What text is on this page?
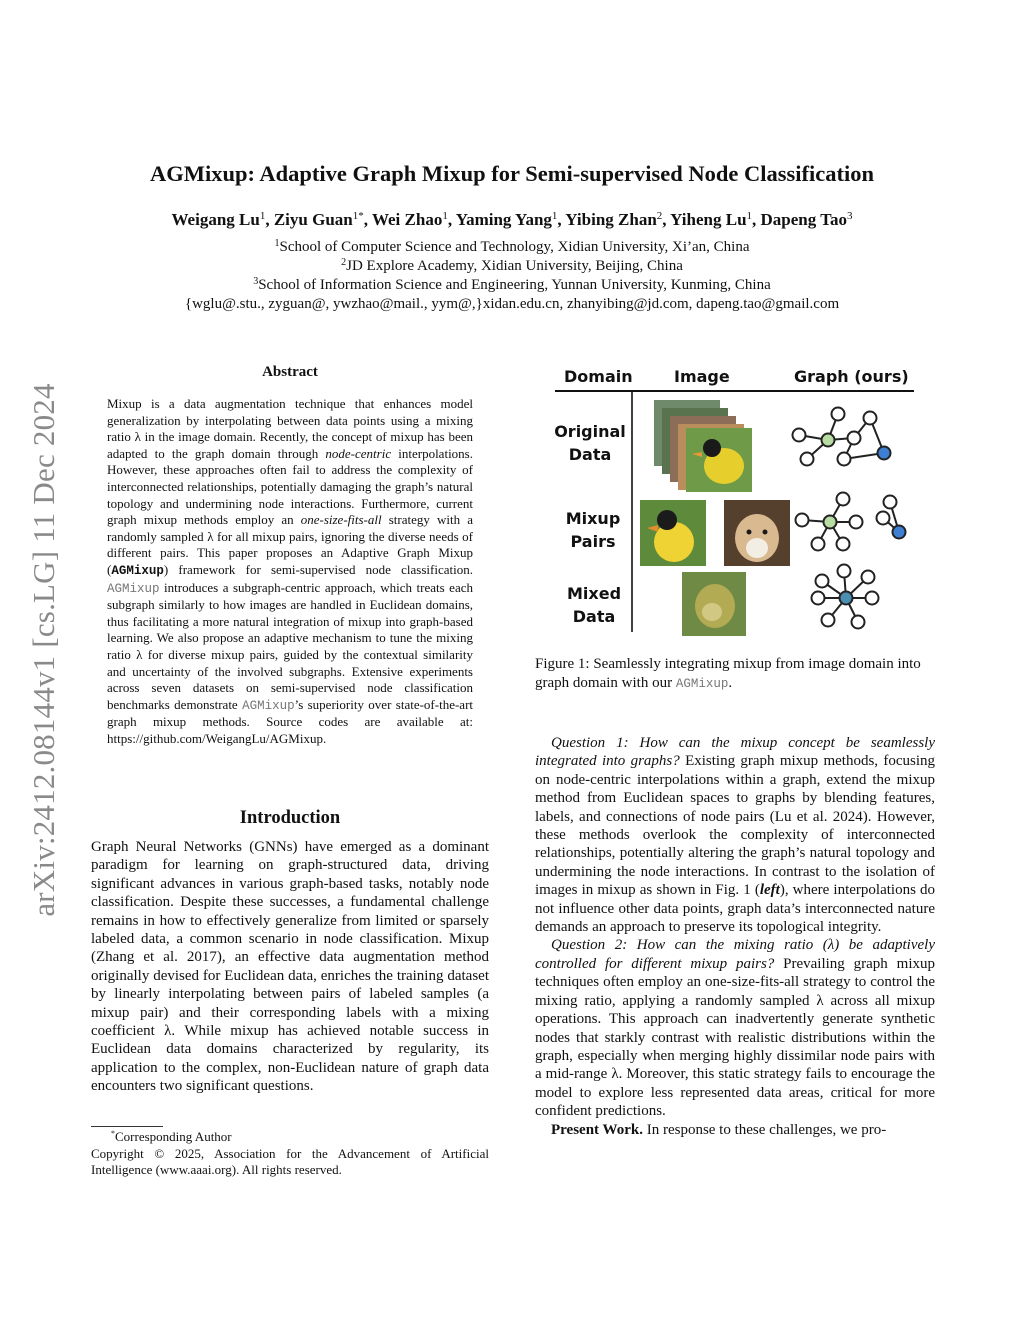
AGMixup: Adaptive Graph Mixup for Semi-supervised Node Classification
Weigang Lu$^1$, Ziyu Guan$^{1*}$, Wei Zhao$^1$, Yaming Yang$^1$, Yibing Zhan$^2$, Yiheng Lu$^1$, Dapeng Tao$^3$
$^1$School of Computer Science and Technology, Xidian University, Xi’an, China
$^2$JD Explore Academy, Xidian University, Beijing, China
$^3$School of Information Science and Engineering, Yunnan University, Kunming, China
{wglu@.stu., zyguan@, ywzhao@mail., yym@,}xidan.edu.cn, zhanyibing@jd.com, dapeng.tao@gmail.com
arXiv:2412.08144v1 [cs.LG] 11 Dec 2024
Abstract
Mixup is a data augmentation technique that enhances model generalization by interpolating between data points using a mixing ratio λ in the image domain. Recently, the concept of mixup has been adapted to the graph domain through node-centric interpolations. However, these approaches often fail to address the complexity of interconnected relationships, potentially damaging the graph’s natural topology and undermining node interactions. Furthermore, current graph mixup methods employ an one-size-fits-all strategy with a randomly sampled λ for all mixup pairs, ignoring the diverse needs of different pairs. This paper proposes an Adaptive Graph Mixup (AGMixup) framework for semi-supervised node classification. AGMixup introduces a subgraph-centric approach, which treats each subgraph similarly to how images are handled in Euclidean domains, thus facilitating a more natural integration of mixup into graph-based learning. We also propose an adaptive mechanism to tune the mixing ratio λ for diverse mixup pairs, guided by the contextual similarity and uncertainty of the involved subgraphs. Extensive experiments across seven datasets on semi-supervised node classification benchmarks demonstrate AGMixup’s superiority over state-of-the-art graph mixup methods. Source codes are available at: https://github.com/WeigangLu/AGMixup.
Introduction
Graph Neural Networks (GNNs) have emerged as a dominant paradigm for learning on graph-structured data, driving significant advances in various graph-based tasks, notably node classification. Despite these successes, a fundamental challenge remains in how to effectively generalize from limited or sparsely labeled data, a common scenario in node classification. Mixup (Zhang et al. 2017), an effective data augmentation method originally devised for Euclidean data, enriches the training dataset by linearly interpolating between pairs of labeled samples (a mixup pair) and their corresponding labels with a mixing coefficient λ. While mixup has achieved notable success in Euclidean data domains characterized by regularity, its application to the complex, non-Euclidean nature of graph data encounters two significant questions.
*Corresponding Author
Copyright © 2025, Association for the Advancement of Artificial Intelligence (www.aaai.org). All rights reserved.
Domain	Image	Graph (ours)
Original
Data
Mixup
Pairs
Mixed
Data
Figure 1: Seamlessly integrating mixup from image domain into graph domain with our AGMixup.

Question 1: How can the mixup concept be seamlessly integrated into graphs? Existing graph mixup methods, focusing on node-centric interpolations within a graph, extend the mixup method from Euclidean spaces to graphs by blending features, labels, and connections of node pairs (Lu et al. 2024). However, these methods overlook the complexity of interconnected relationships, potentially altering the graph’s natural topology and undermining the node interactions. In contrast to the isolation of images in mixup as shown in Fig. 1 (left), where interpolations do not influence other data points, graph data’s interconnected nature demands an approach to preserve its topological integrity.

Question 2: How can the mixing ratio (λ) be adaptively controlled for different mixup pairs? Prevailing graph mixup techniques often employ an one-size-fits-all strategy to control the mixing ratio, applying a randomly sampled λ across all mixup operations. This approach can inadvertently generate synthetic nodes that starkly contrast with realistic distributions within the graph, especially when merging highly dissimilar node pairs with a mid-range λ. Moreover, this static strategy fails to encourage the model to explore less represented data areas, critical for more confident predictions.

Present Work. In response to these challenges, we pro-
